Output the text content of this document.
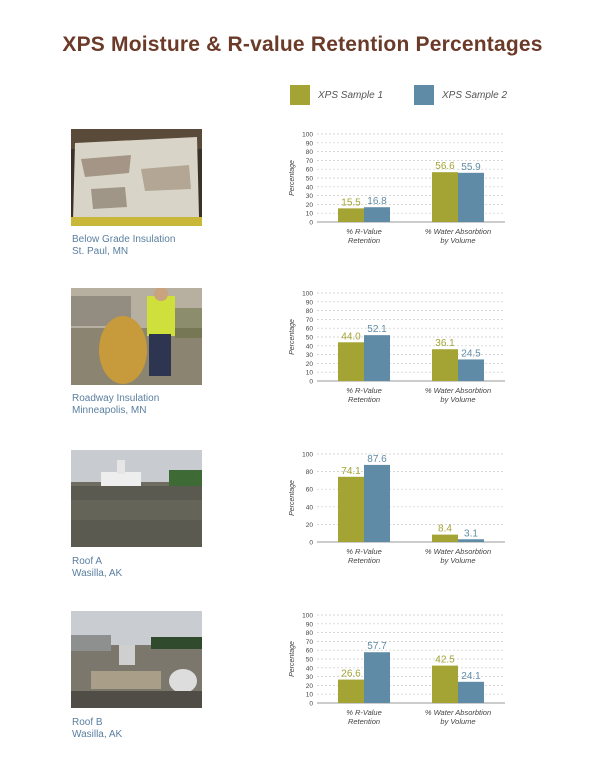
XPS Moisture & R-value Retention Percentages
XPS Sample 1	XPS Sample 2
Below Grade Insulation
St. Paul, MN
0
10
20
30
40
50
60
70
80
90
100
Percentage
15.5 16.8
% R-Value
Retention
56.6 55.9
% Water Absorbtion
by Volume
Roadway Insulation
Minneapolis, MN
0
10
20
30
40
50
60
70
80
90
100
Percentage	44.0
52.1
% R-Value
Retention
36.1
24.5
% Water Absorbtion
by Volume
Roof A
Wasilla, AK
0
20
40
60
80
100
Percentage
74.1
87.6
% R-Value
Retention
8.4 3.1
% Water Absorbtion
by Volume
Roof B
Wasilla, AK
0
10
20
30
40
50
60
70
80
90
100
Percentage	26.6
57.7
% R-Value
Retention
42.5
24.1
% Water Absorbtion
by Volume
